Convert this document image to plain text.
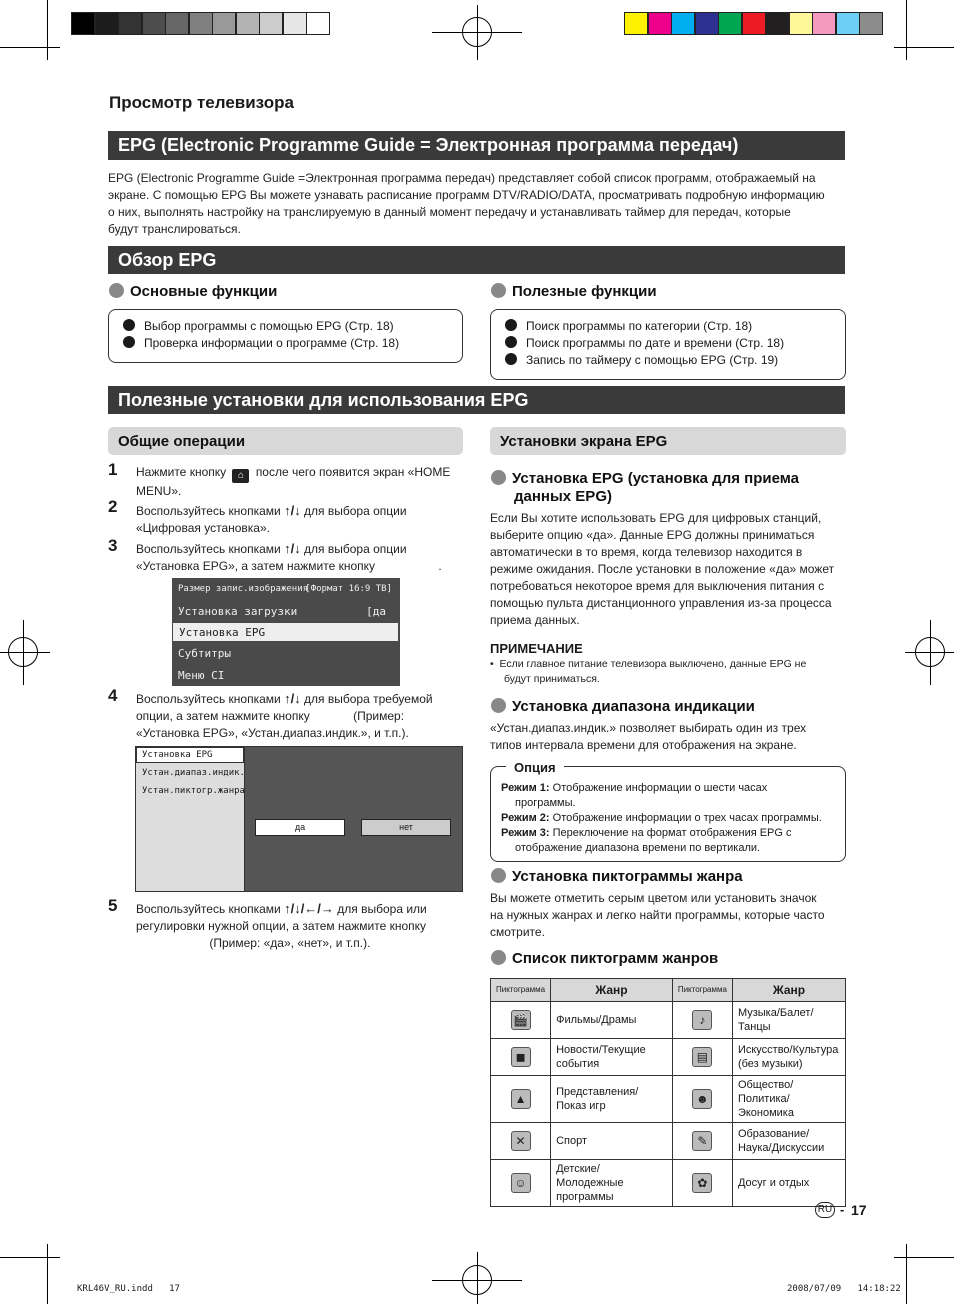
Просмотр телевизора
EPG (Electronic Programme Guide = Электронная программа передач)
EPG (Electronic Programme Guide =Электронная программа передач) представляет собой список программ, отображаемый на
экране. С помощью EPG Вы можете узнавать расписание программ DTV/RADIO/DATA, просматривать подробную информацию
о них, выполнять настройку на транслируемую в данный момент передачу и устанавливать таймер для передач, которые
будут транслироваться.
Обзор EPG
Основные функции
Выбор программы с помощью EPG (Стр. 18)
Проверка информации о программе (Стр. 18)
Полезные функции
Поиск программы по категории (Стр. 18)
Поиск программы по дате и времени (Стр. 18)
Запись по таймеру с помощью EPG (Стр. 19)
Полезные установки для использования EPG
Общие операции
1 Нажмите кнопку ⌂ после чего появится экран «HOME
MENU».
2 Воспользуйтесь кнопками ↑/↓ для выбора опции
«Цифровая установка».
3 Воспользуйтесь кнопками ↑/↓ для выбора опции
«Установка EPG», а затем нажмите кнопку                   .
Размер запис.изображения
[Формат 16:9 ТВ]
Установка загрузки	[да
Установка EPG
Субтитры
Меню CI
4 Воспользуйтесь кнопками ↑/↓ для выбора требуемой
опции, а затем нажмите кнопку	(Пример:
«Установка EPG», «Устан.диапаз.индик.», и т.п.).
Установка EPG
Устан.диапаз.индик.
Устан.пиктогр.жанра
да	нет
5 Воспользуйтесь кнопками ↑/↓/←/→ для выбора или
регулировки нужной опции, а затем нажмите кнопку
(Пример: «да», «нет», и т.п.).
Установки экрана EPG
Установка EPG (установка для приема
данных EPG)
Если Вы хотите использовать EPG для цифровых станций,
выберите опцию «да». Данные EPG должны приниматься
автоматически в то время, когда телевизор находится в
режиме ожидания. После установки в положение «да» может
потребоваться некоторое время для выключения питания с
помощью пульта дистанционного управления из-за процесса
приема данных.
ПРИМЕЧАНИЕ
•  Если главное питание телевизора выключено, данные EPG не
будут приниматься.
Установка диапазона индикации
«Устан.диапаз.индик.» позволяет выбирать один из трех
типов интервала времени для отображения на экране.
Режим 1: Отображение информации о шести часах
программы.
Режим 2: Отображение информации о трех часах программы.
Режим 3: Переключение на формат отображения EPG с
отображение диапазона времени по вертикали.
Опция
Установка пиктограммы жанра
Вы можете отметить серым цветом или установить значок
на нужных жанрах и легко найти программы, которые часто
смотрите.
Список пиктограмм жанров
Пиктограмма	Жанр	Пиктограмма	Жанр
🎬	Фильмы/Драмы	♪	Музыка/Балет/Танцы
◼	Новости/Текущие события	▤	Искусство/Культура (без музыки)
▲	Представления/Показ игр	☻	Общество/Политика/Экономика
✕	Спорт	✎	Образование/Наука/Дискуссии
☺	Детские/Молодежные программы	✿	Досуг и отдых
RU - 17
KRL46V_RU.indd   17	2008/07/09   14:18:22
